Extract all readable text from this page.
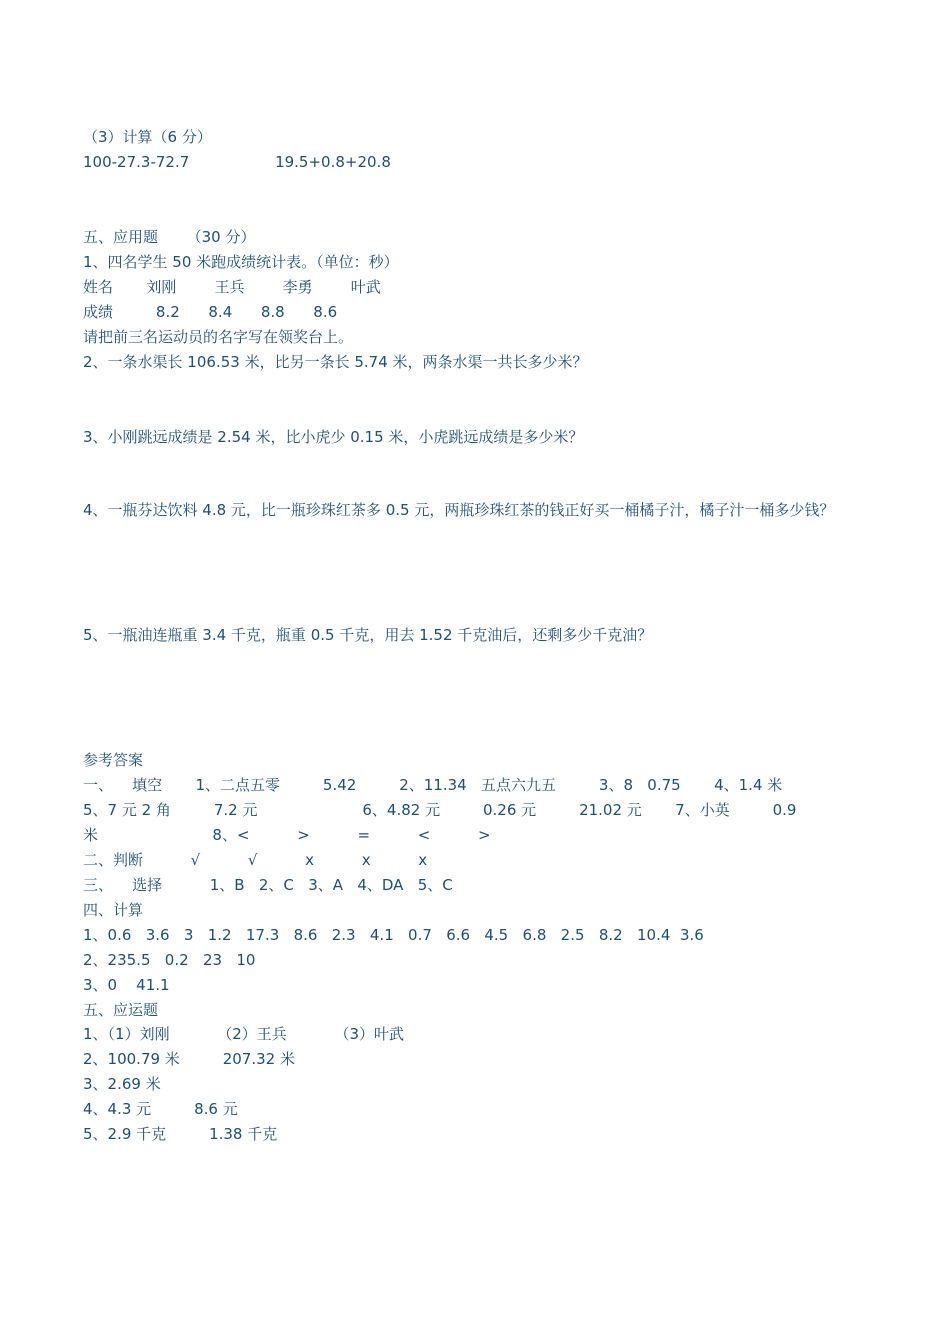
（3）计算（6 分）
100-27.3-72.7                  19.5+0.8+20.8
五、应用题      （30 分）
1、四名学生 50 米跑成绩统计表。（单位：秒）
姓名       刘刚        王兵        李勇        叶武
成绩         8.2      8.4      8.8      8.6
请把前三名运动员的名字写在领奖台上。
2、一条水渠长 106.53 米，比另一条长 5.74 米，两条水渠一共长多少米？
3、小刚跳远成绩是 2.54 米，比小虎少 0.15 米，小虎跳远成绩是多少米？
4、一瓶芬达饮料 4.8 元，比一瓶珍珠红茶多 0.5 元，两瓶珍珠红茶的钱正好买一桶橘子汁，橘子汁一桶多少钱？
5、一瓶油连瓶重 3.4 千克，瓶重 0.5 千克，用去 1.52 千克油后，还剩多少千克油？
参考答案
一、    填空       1、二点五零         5.42         2、11.34   五点六九五         3、8   0.75       4、1.4 米
5、7 元 2 角         7.2 元                      6、4.82 元         0.26 元         21.02 元       7、小英         0.9
米                        8、<          >          =          <          >
二、判断          √          √          x          x          x
三、    选择          1、B   2、C   3、A   4、DA   5、C
四、计算
1、0.6   3.6   3   1.2   17.3   8.6   2.3   4.1   0.7   6.6   4.5   6.8   2.5   8.2   10.4  3.6
2、235.5   0.2   23   10
3、0    41.1
五、应运题
1、（1）刘刚          （2）王兵          （3）叶武
2、100.79 米         207.32 米
3、2.69 米
4、4.3 元         8.6 元
5、2.9 千克         1.38 千克
